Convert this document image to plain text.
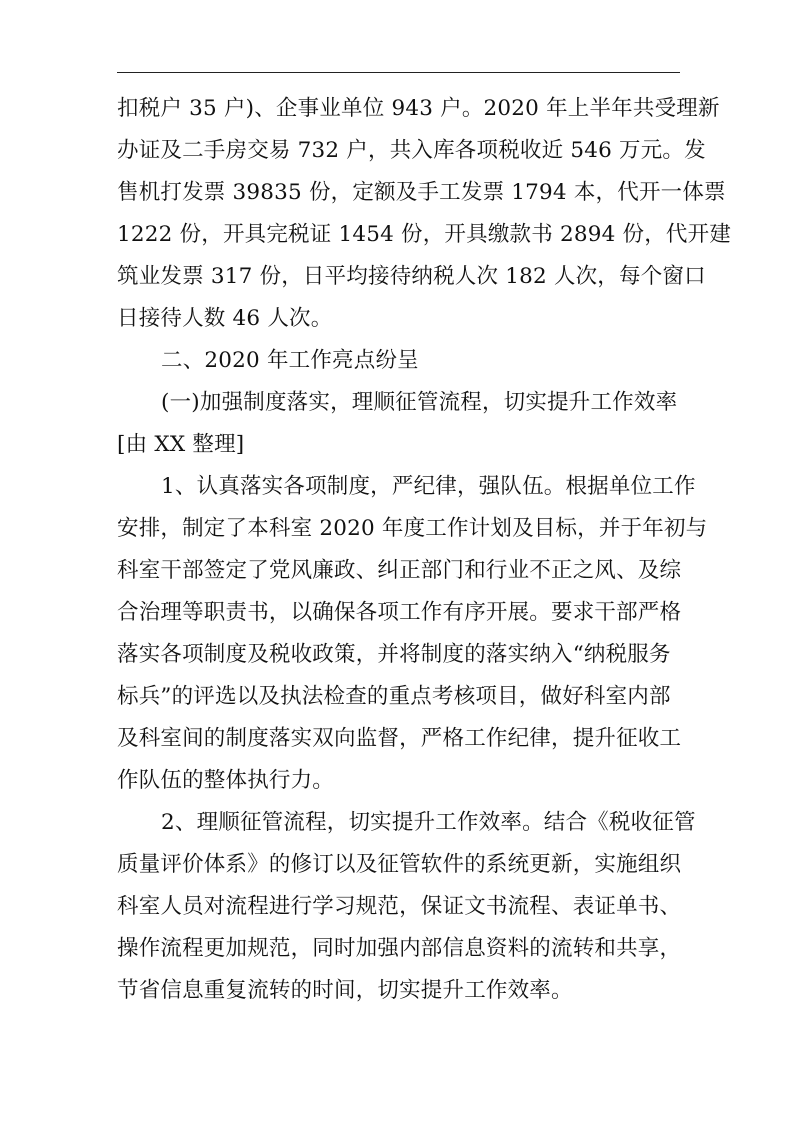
扣税户 35 户)、企事业单位 943 户。2020 年上半年共受理新
办证及二手房交易 732 户，共入库各项税收近 546 万元。发
售机打发票 39835 份，定额及手工发票 1794 本，代开一体票
1222 份，开具完税证 1454 份，开具缴款书 2894 份，代开建
筑业发票 317 份，日平均接待纳税人次 182 人次，每个窗口
日接待人数 46 人次。
二、2020 年工作亮点纷呈
(一)加强制度落实，理顺征管流程，切实提升工作效率
[由 XX 整理]
1、认真落实各项制度，严纪律，强队伍。根据单位工作
安排，制定了本科室 2020 年度工作计划及目标，并于年初与
科室干部签定了党风廉政、纠正部门和行业不正之风、及综
合治理等职责书，以确保各项工作有序开展。要求干部严格
落实各项制度及税收政策，并将制度的落实纳入“纳税服务
标兵”的评选以及执法检查的重点考核项目，做好科室内部
及科室间的制度落实双向监督，严格工作纪律，提升征收工
作队伍的整体执行力。
2、理顺征管流程，切实提升工作效率。结合《税收征管
质量评价体系》的修订以及征管软件的系统更新，实施组织
科室人员对流程进行学习规范，保证文书流程、表证单书、
操作流程更加规范，同时加强内部信息资料的流转和共享，
节省信息重复流转的时间，切实提升工作效率。
